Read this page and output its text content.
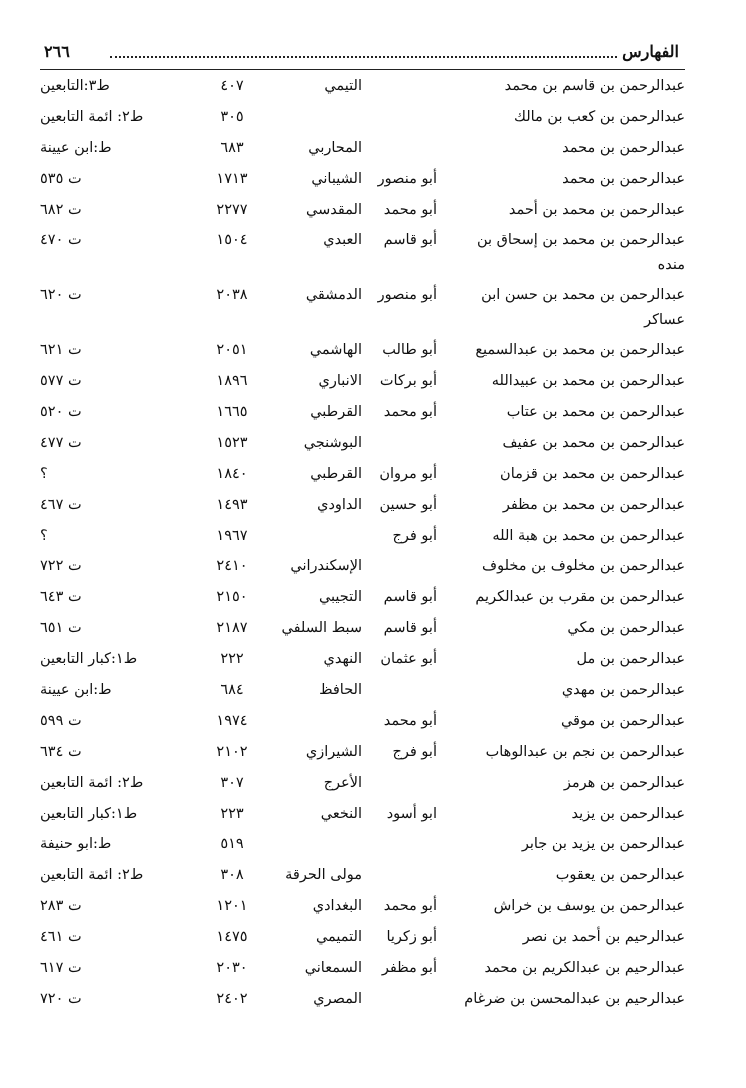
الفهارس
٢٦٦
عبدالرحمن بن قاسم بن محمد
التيمي
٤٠٧
ط٣:التابعين
عبدالرحمن بن كعب بن مالك
٣٠٥
ط٢: ائمة التابعين
عبدالرحمن بن محمد
المحاربي
٦٨٣
ط:ابن عيينة
عبدالرحمن بن محمد
أبو منصور
الشيباني
١٧١٣
ت ٥٣٥
عبدالرحمن بن محمد بن أحمد
أبو محمد
المقدسي
٢٢٧٧
ت ٦٨٢
عبدالرحمن بن محمد بن إسحاق بن
أبو قاسم
العبدي
١٥٠٤
ت ٤٧٠
منده
عبدالرحمن بن محمد بن حسن ابن
أبو منصور
الدمشقي
٢٠٣٨
ت ٦٢٠
عساكر
عبدالرحمن بن محمد بن عبدالسميع
أبو طالب
الهاشمي
٢٠٥١
ت ٦٢١
عبدالرحمن بن محمد بن عبيدالله
أبو بركات
الانباري
١٨٩٦
ت ٥٧٧
عبدالرحمن بن محمد بن عتاب
أبو محمد
القرطبي
١٦٦٥
ت ٥٢٠
عبدالرحمن بن محمد بن عفيف
البوشنجي
١٥٢٣
ت ٤٧٧
عبدالرحمن بن محمد بن قزمان
أبو مروان
القرطبي
١٨٤٠
؟
عبدالرحمن بن محمد بن مظفر
أبو حسين
الداودي
١٤٩٣
ت ٤٦٧
عبدالرحمن بن محمد بن هبة الله
أبو فرج
١٩٦٧
؟
عبدالرحمن بن مخلوف بن مخلوف
الإسكندراني
٢٤١٠
ت ٧٢٢
عبدالرحمن بن مقرب بن عبدالكريم
أبو قاسم
التجيبي
٢١٥٠
ت ٦٤٣
عبدالرحمن بن مكي
أبو قاسم
سبط السلفي
٢١٨٧
ت ٦٥١
عبدالرحمن بن مل
أبو عثمان
النهدي
٢٢٢
ط١:كبار التابعين
عبدالرحمن بن مهدي
الحافظ
٦٨٤
ط:ابن عيينة
عبدالرحمن بن موقي
أبو محمد
١٩٧٤
ت ٥٩٩
عبدالرحمن بن نجم بن عبدالوهاب
أبو فرج
الشيرازي
٢١٠٢
ت ٦٣٤
عبدالرحمن بن هرمز
الأعرج
٣٠٧
ط٢: ائمة التابعين
عبدالرحمن بن يزيد
ابو أسود
النخعي
٢٢٣
ط١:كبار التابعين
عبدالرحمن بن يزيد بن جابر
٥١٩
ط:ابو حنيفة
عبدالرحمن بن يعقوب
مولى الحرقة
٣٠٨
ط٢: ائمة التابعين
عبدالرحمن بن يوسف بن خراش
أبو محمد
البغدادي
١٢٠١
ت ٢٨٣
عبدالرحيم بن أحمد بن نصر
أبو زكريا
التميمي
١٤٧٥
ت ٤٦١
عبدالرحيم بن عبدالكريم بن محمد
أبو مظفر
السمعاني
٢٠٣٠
ت ٦١٧
عبدالرحيم بن عبدالمحسن بن ضرغام
المصري
٢٤٠٢
ت ٧٢٠
